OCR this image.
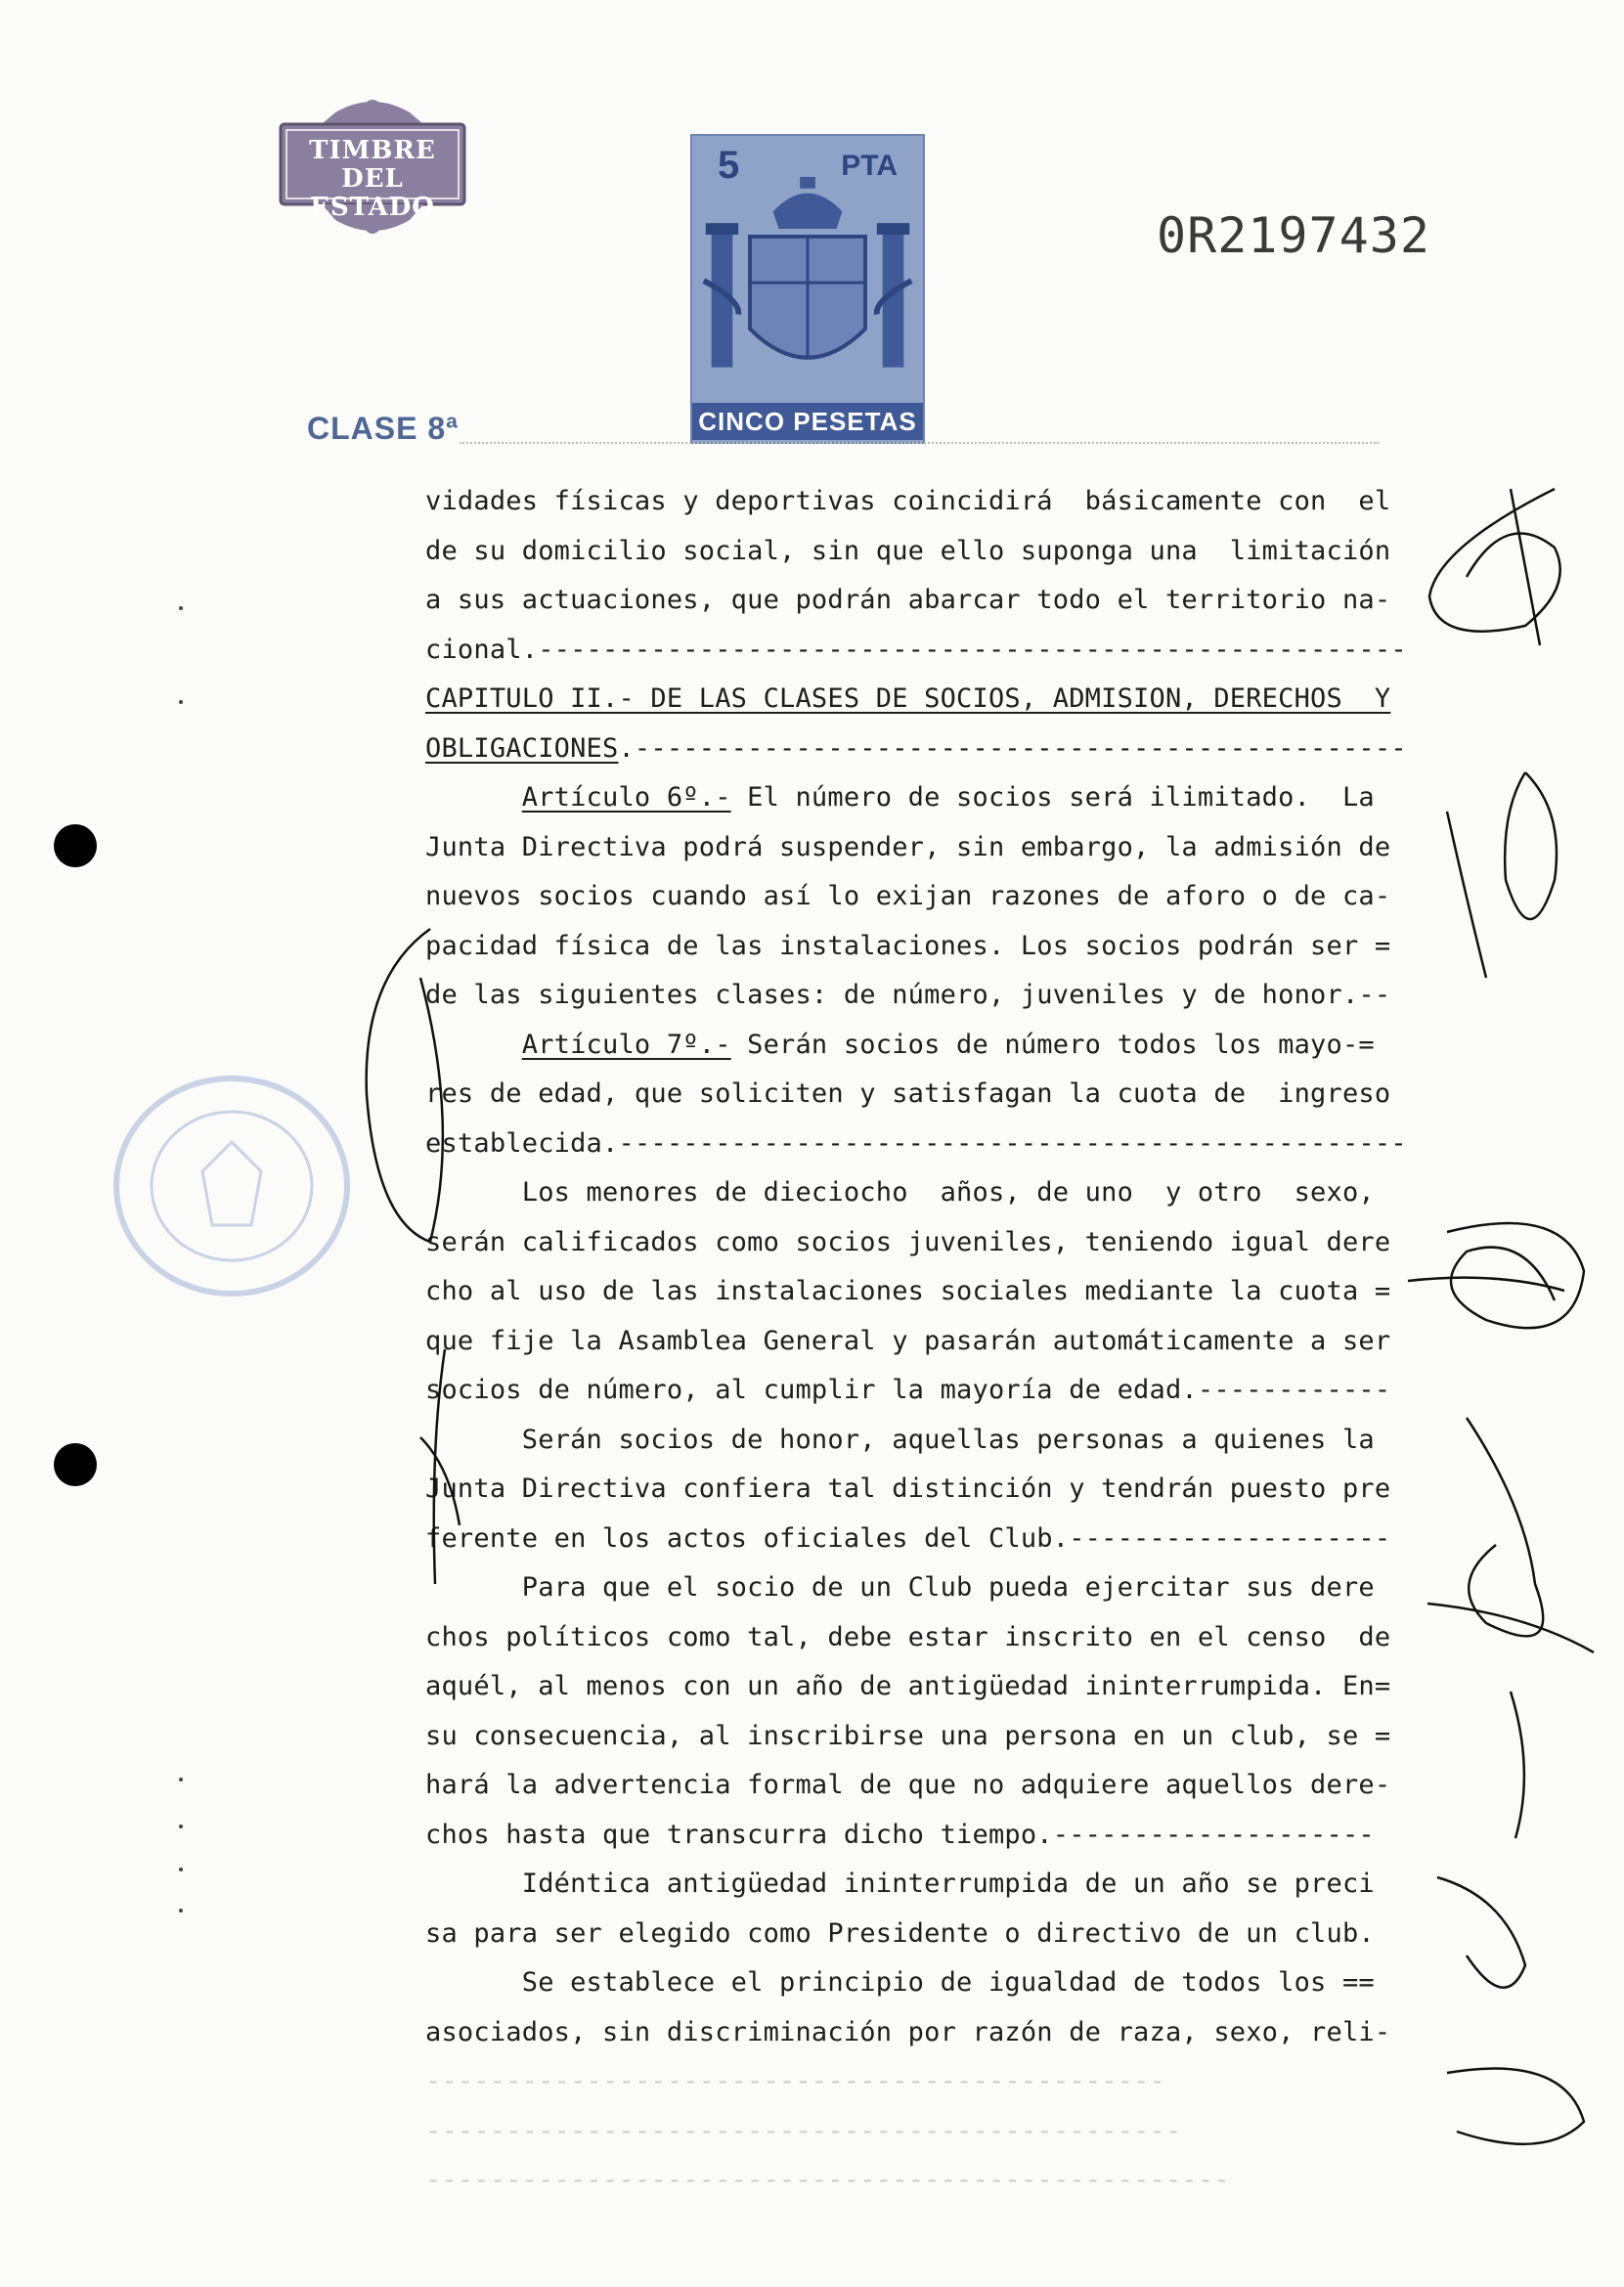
TIMBRE
DEL ESTADO
5	PTA
CINCO PESETAS
0R2197432
CLASE 8ª
vidades físicas y deportivas coincidirá  básicamente con  el
de su domicilio social, sin que ello suponga una  limitación
a sus actuaciones, que podrán abarcar todo el territorio na-
cional.------------------------------------------------------
CAPITULO II.- DE LAS CLASES DE SOCIOS, ADMISION, DERECHOS  Y
OBLIGACIONES.------------------------------------------------
Artículo 6º.- El número de socios será ilimitado.  La
Junta Directiva podrá suspender, sin embargo, la admisión de
nuevos socios cuando así lo exijan razones de aforo o de ca-
pacidad física de las instalaciones. Los socios podrán ser =
de las siguientes clases: de número, juveniles y de honor.--
Artículo 7º.- Serán socios de número todos los mayo-=
res de edad, que soliciten y satisfagan la cuota de  ingreso
establecida.-------------------------------------------------
Los menores de dieciocho  años, de uno  y otro  sexo,
serán calificados como socios juveniles, teniendo igual dere
cho al uso de las instalaciones sociales mediante la cuota =
que fije la Asamblea General y pasarán automáticamente a ser
socios de número, al cumplir la mayoría de edad.------------
Serán socios de honor, aquellas personas a quienes la
Junta Directiva confiera tal distinción y tendrán puesto pre
ferente en los actos oficiales del Club.--------------------
Para que el socio de un Club pueda ejercitar sus dere
chos políticos como tal, debe estar inscrito en el censo  de
aquél, al menos con un año de antigüedad ininterrumpida. En=
su consecuencia, al inscribirse una persona en un club, se =
hará la advertencia formal de que no adquiere aquellos dere-
chos hasta que transcurra dicho tiempo.--------------------
Idéntica antigüedad ininterrumpida de un año se preci
sa para ser elegido como Presidente o directivo de un club.
Se establece el principio de igualdad de todos los ==
asociados, sin discriminación por razón de raza, sexo, reli-
----------------------------------------------
-----------------------------------------------
--------------------------------------------------
